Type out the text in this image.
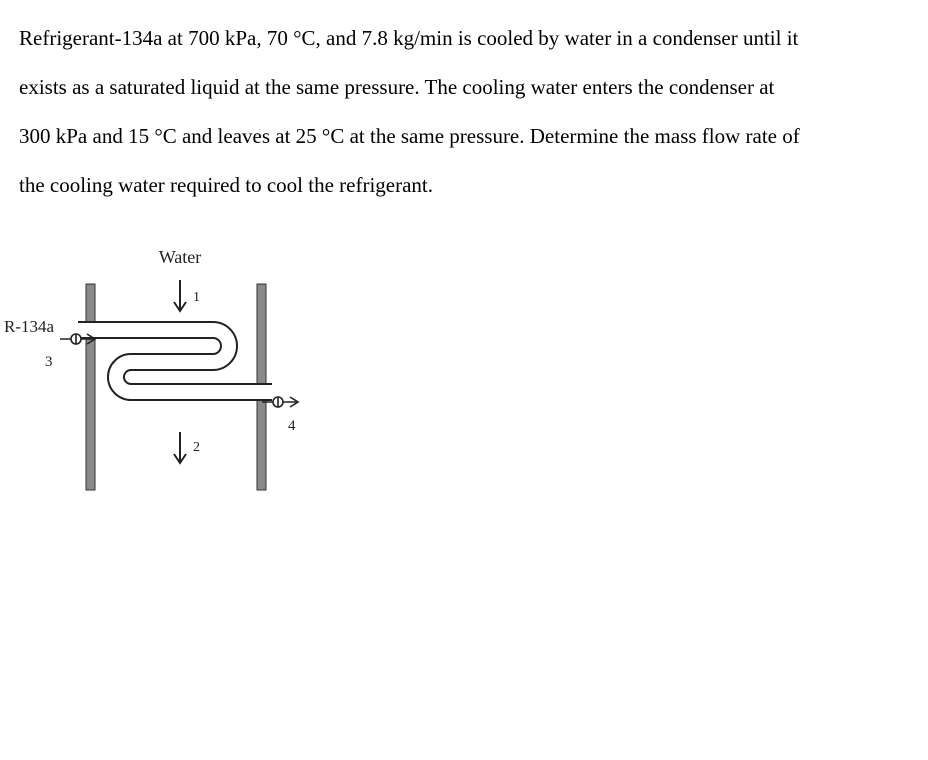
Refrigerant-134a at 700 kPa, 70 °C, and 7.8 kg/min is cooled by water in a condenser until it
exists as a saturated liquid at the same pressure. The cooling water enters the condenser at
300 kPa and 15 °C and leaves at 25 °C at the same pressure. Determine the mass flow rate of
the cooling water required to cool the refrigerant.
Water
1
2
R-134a
3
4
